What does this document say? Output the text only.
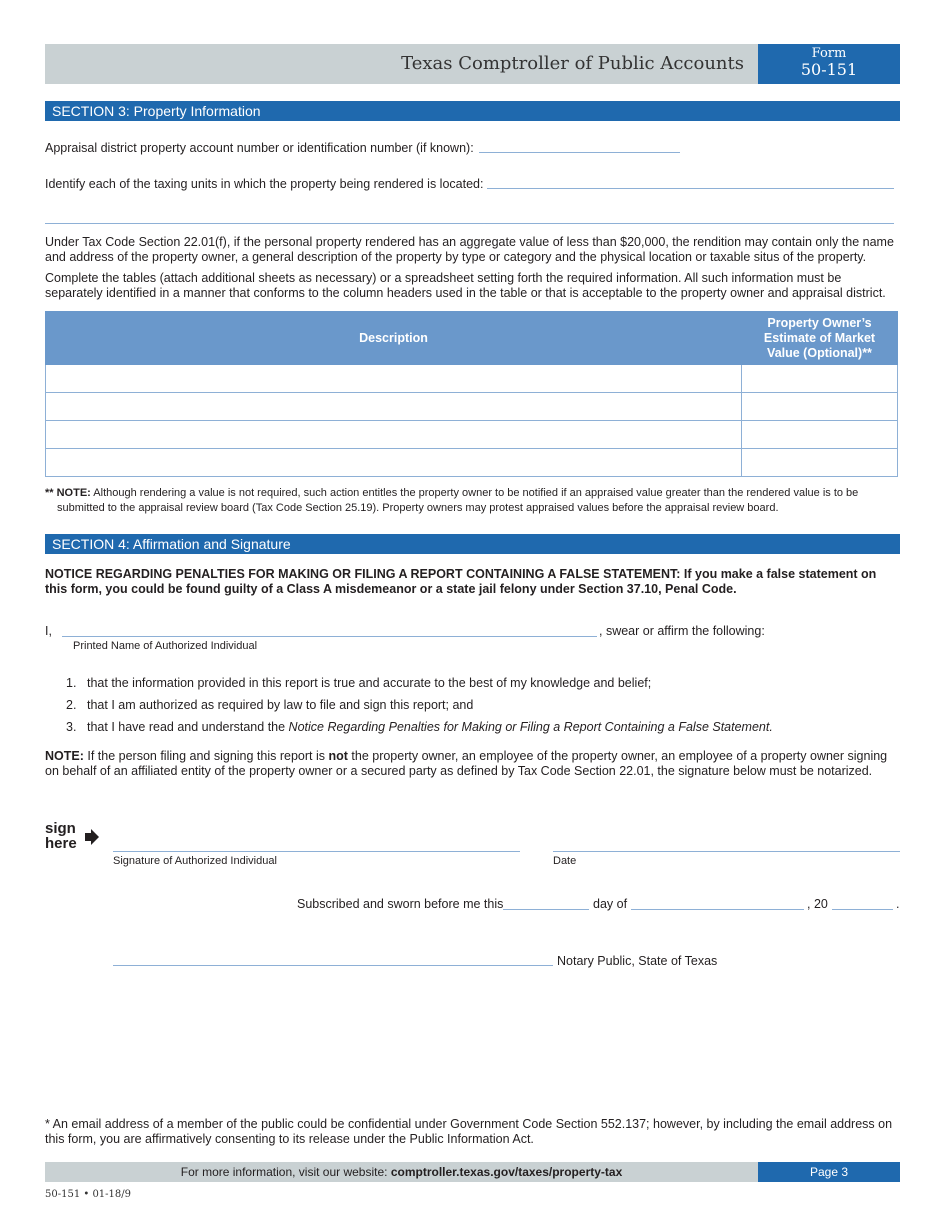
Texas Comptroller of Public Accounts	Form
50-151
SECTION 3: Property Information
Appraisal district property account number or identification number (if known):
Identify each of the taxing units in which the property being rendered is located:
Under Tax Code Section 22.01(f), if the personal property rendered has an aggregate value of less than $20,000, the rendition may contain only the name and address of the property owner, a general description of the property by type or category and the physical location or taxable situs of the property.
Complete the tables (attach additional sheets as necessary) or a spreadsheet setting forth the required information. All such information must be separately identified in a manner that conforms to the column headers used in the table or that is acceptable to the property owner and appraisal district.
Description	Property Owner’s Estimate of Market Value (Optional)**

** NOTE: Although rendering a value is not required, such action entitles the property owner to be notified if an appraised value greater than the rendered value is to be submitted to the appraisal review board (Tax Code Section 25.19). Property owners may protest appraised values before the appraisal review board.
SECTION 4: Affirmation and Signature
NOTICE REGARDING PENALTIES FOR MAKING OR FILING A REPORT CONTAINING A FALSE STATEMENT: If you make a false statement on this form, you could be found guilty of a Class A misdemeanor or a state jail felony under Section 37.10, Penal Code.
I,	, swear or affirm the following:
Printed Name of Authorized Individual
1. that the information provided in this report is true and accurate to the best of my knowledge and belief;
2. that I am authorized as required by law to file and sign this report; and
3. that I have read and understand the Notice Regarding Penalties for Making or Filing a Report Containing a False Statement.
NOTE: If the person filing and signing this report is not the property owner, an employee of the property owner, an employee of a property owner signing on behalf of an affiliated entity of the property owner or a secured party as defined by Tax Code Section 22.01, the signature below must be notarized.
sign
here
Signature of Authorized Individual	Date
Subscribed and sworn before me this	day of	, 20	.
Notary Public, State of Texas
* An email address of a member of the public could be confidential under Government Code Section 552.137; however, by including the email address on this form, you are affirmatively consenting to its release under the Public Information Act.
For more information, visit our website: comptroller.texas.gov/taxes/property-tax	Page 3
50-151 • 01-18/9
